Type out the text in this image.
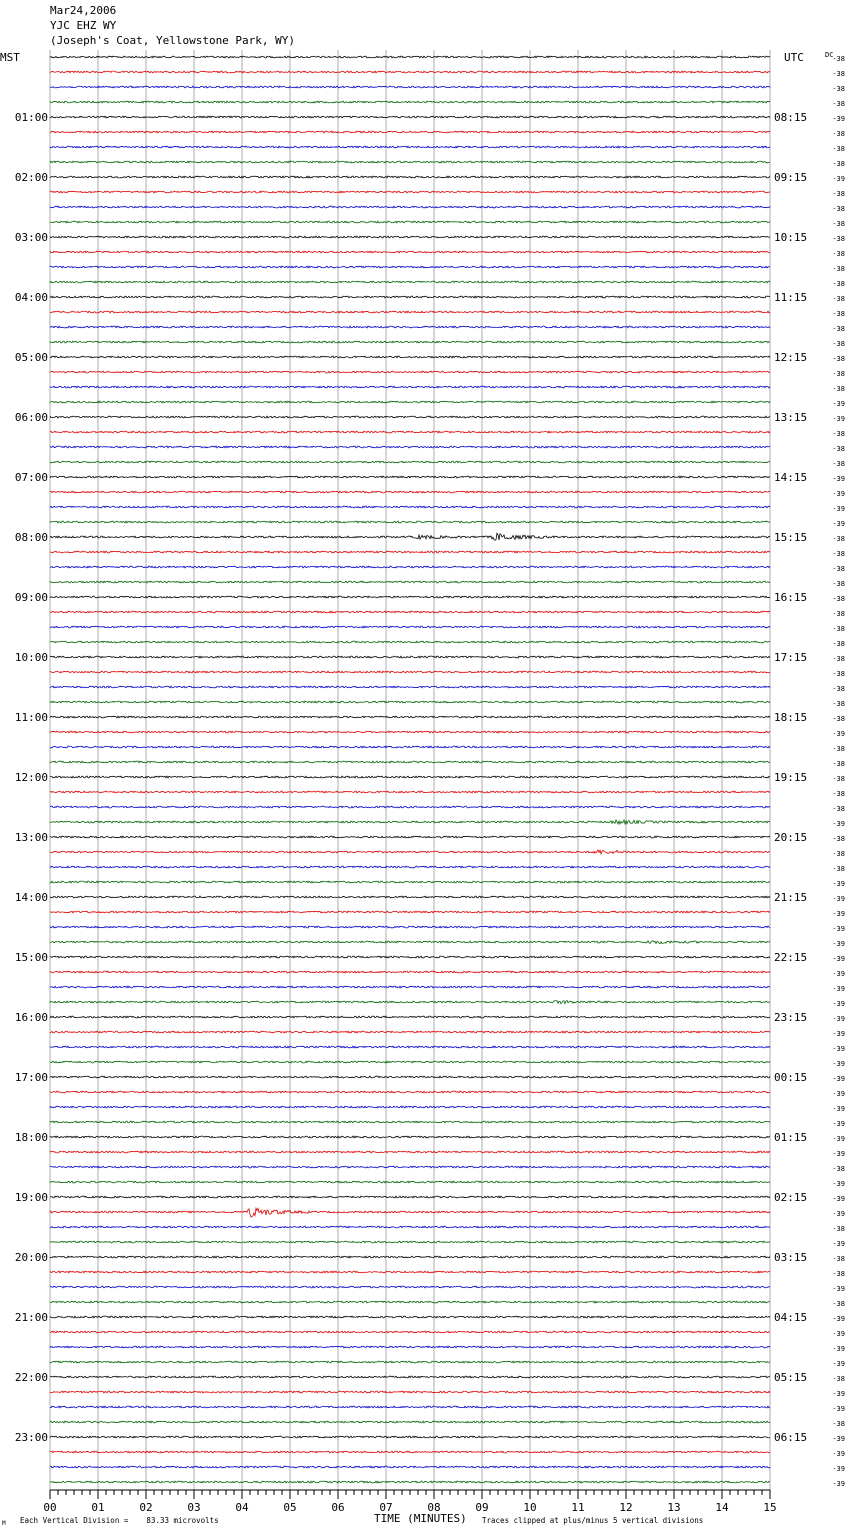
Mar24,2006
YJC EHZ WY
(Joseph's Coat, Yellowstone Park, WY)
MST	UTC	DC
01:00
02:00
03:00
04:00
05:00
06:00
07:00
08:00
09:00
10:00
11:00
12:00
13:00
14:00
15:00
16:00
17:00
18:00
19:00
20:00
21:00
22:00
23:00
08:15
09:15
10:15
11:15
12:15
13:15
14:15
15:15
16:15
17:15
18:15
19:15
20:15
21:15
22:15
23:15
00:15
01:15
02:15
03:15
04:15
05:15
06:15
-38
-38
-38
-38
-39
-38
-38
-38
-39
-38
-38
-38
-38
-38
-38
-38
-38
-38
-38
-38
-38
-38
-38
-39
-39
-38
-38
-38
-39
-39
-39
-39
-38
-38
-38
-38
-38
-38
-38
-38
-38
-38
-38
-38
-38
-39
-38
-38
-38
-38
-38
-39
-38
-38
-38
-39
-39
-39
-39
-39
-39
-39
-39
-39
-39
-39
-39
-39
-39
-39
-39
-39
-39
-39
-38
-39
-39
-39
-38
-39
-38
-38
-39
-38
-39
-39
-39
-39
-38
-39
-39
-38
-39
-39
-39
-39
00	01	02	03	04	05	06	07	08	09	10	11	12	13	14	15
TIME (MINUTES)
M Each Vertical Division =    83.33 microvolts	Traces clipped at plus/minus 5 vertical divisions
